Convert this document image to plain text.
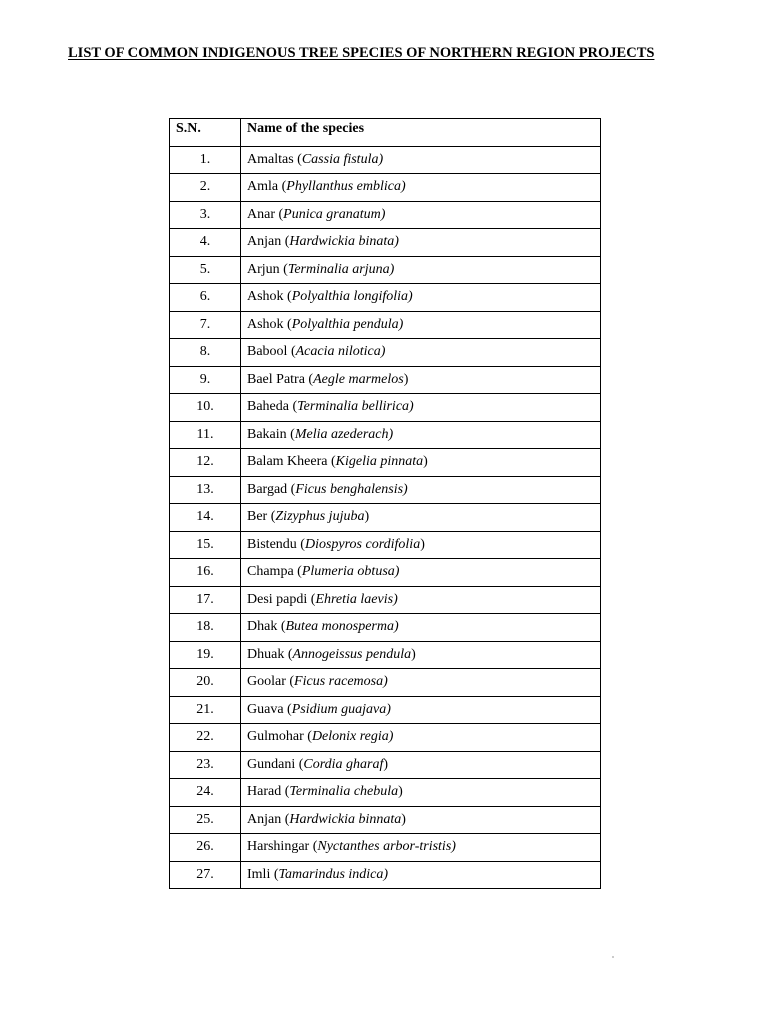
LIST OF COMMON INDIGENOUS TREE SPECIES OF NORTHERN REGION PROJECTS
S.N.	Name of the species
1.	Amaltas (Cassia fistula)
2.	Amla (Phyllanthus emblica)
3.	Anar (Punica granatum)
4.	Anjan (Hardwickia binata)
5.	Arjun (Terminalia arjuna)
6.	Ashok (Polyalthia longifolia)
7.	Ashok (Polyalthia pendula)
8.	Babool (Acacia nilotica)
9.	Bael Patra (Aegle marmelos)
10.	Baheda (Terminalia bellirica)
11.	Bakain (Melia azederach)
12.	Balam Kheera (Kigelia pinnata)
13.	Bargad (Ficus benghalensis)
14.	Ber (Zizyphus jujuba)
15.	Bistendu (Diospyros cordifolia)
16.	Champa (Plumeria obtusa)
17.	Desi papdi (Ehretia laevis)
18.	Dhak (Butea monosperma)
19.	Dhuak (Annogeissus pendula)
20.	Goolar (Ficus racemosa)
21.	Guava (Psidium guajava)
22.	Gulmohar (Delonix regia)
23.	Gundani (Cordia gharaf)
24.	Harad (Terminalia chebula)
25.	Anjan (Hardwickia binnata)
26.	Harshingar (Nyctanthes arbor-tristis)
27.	Imli (Tamarindus indica)
